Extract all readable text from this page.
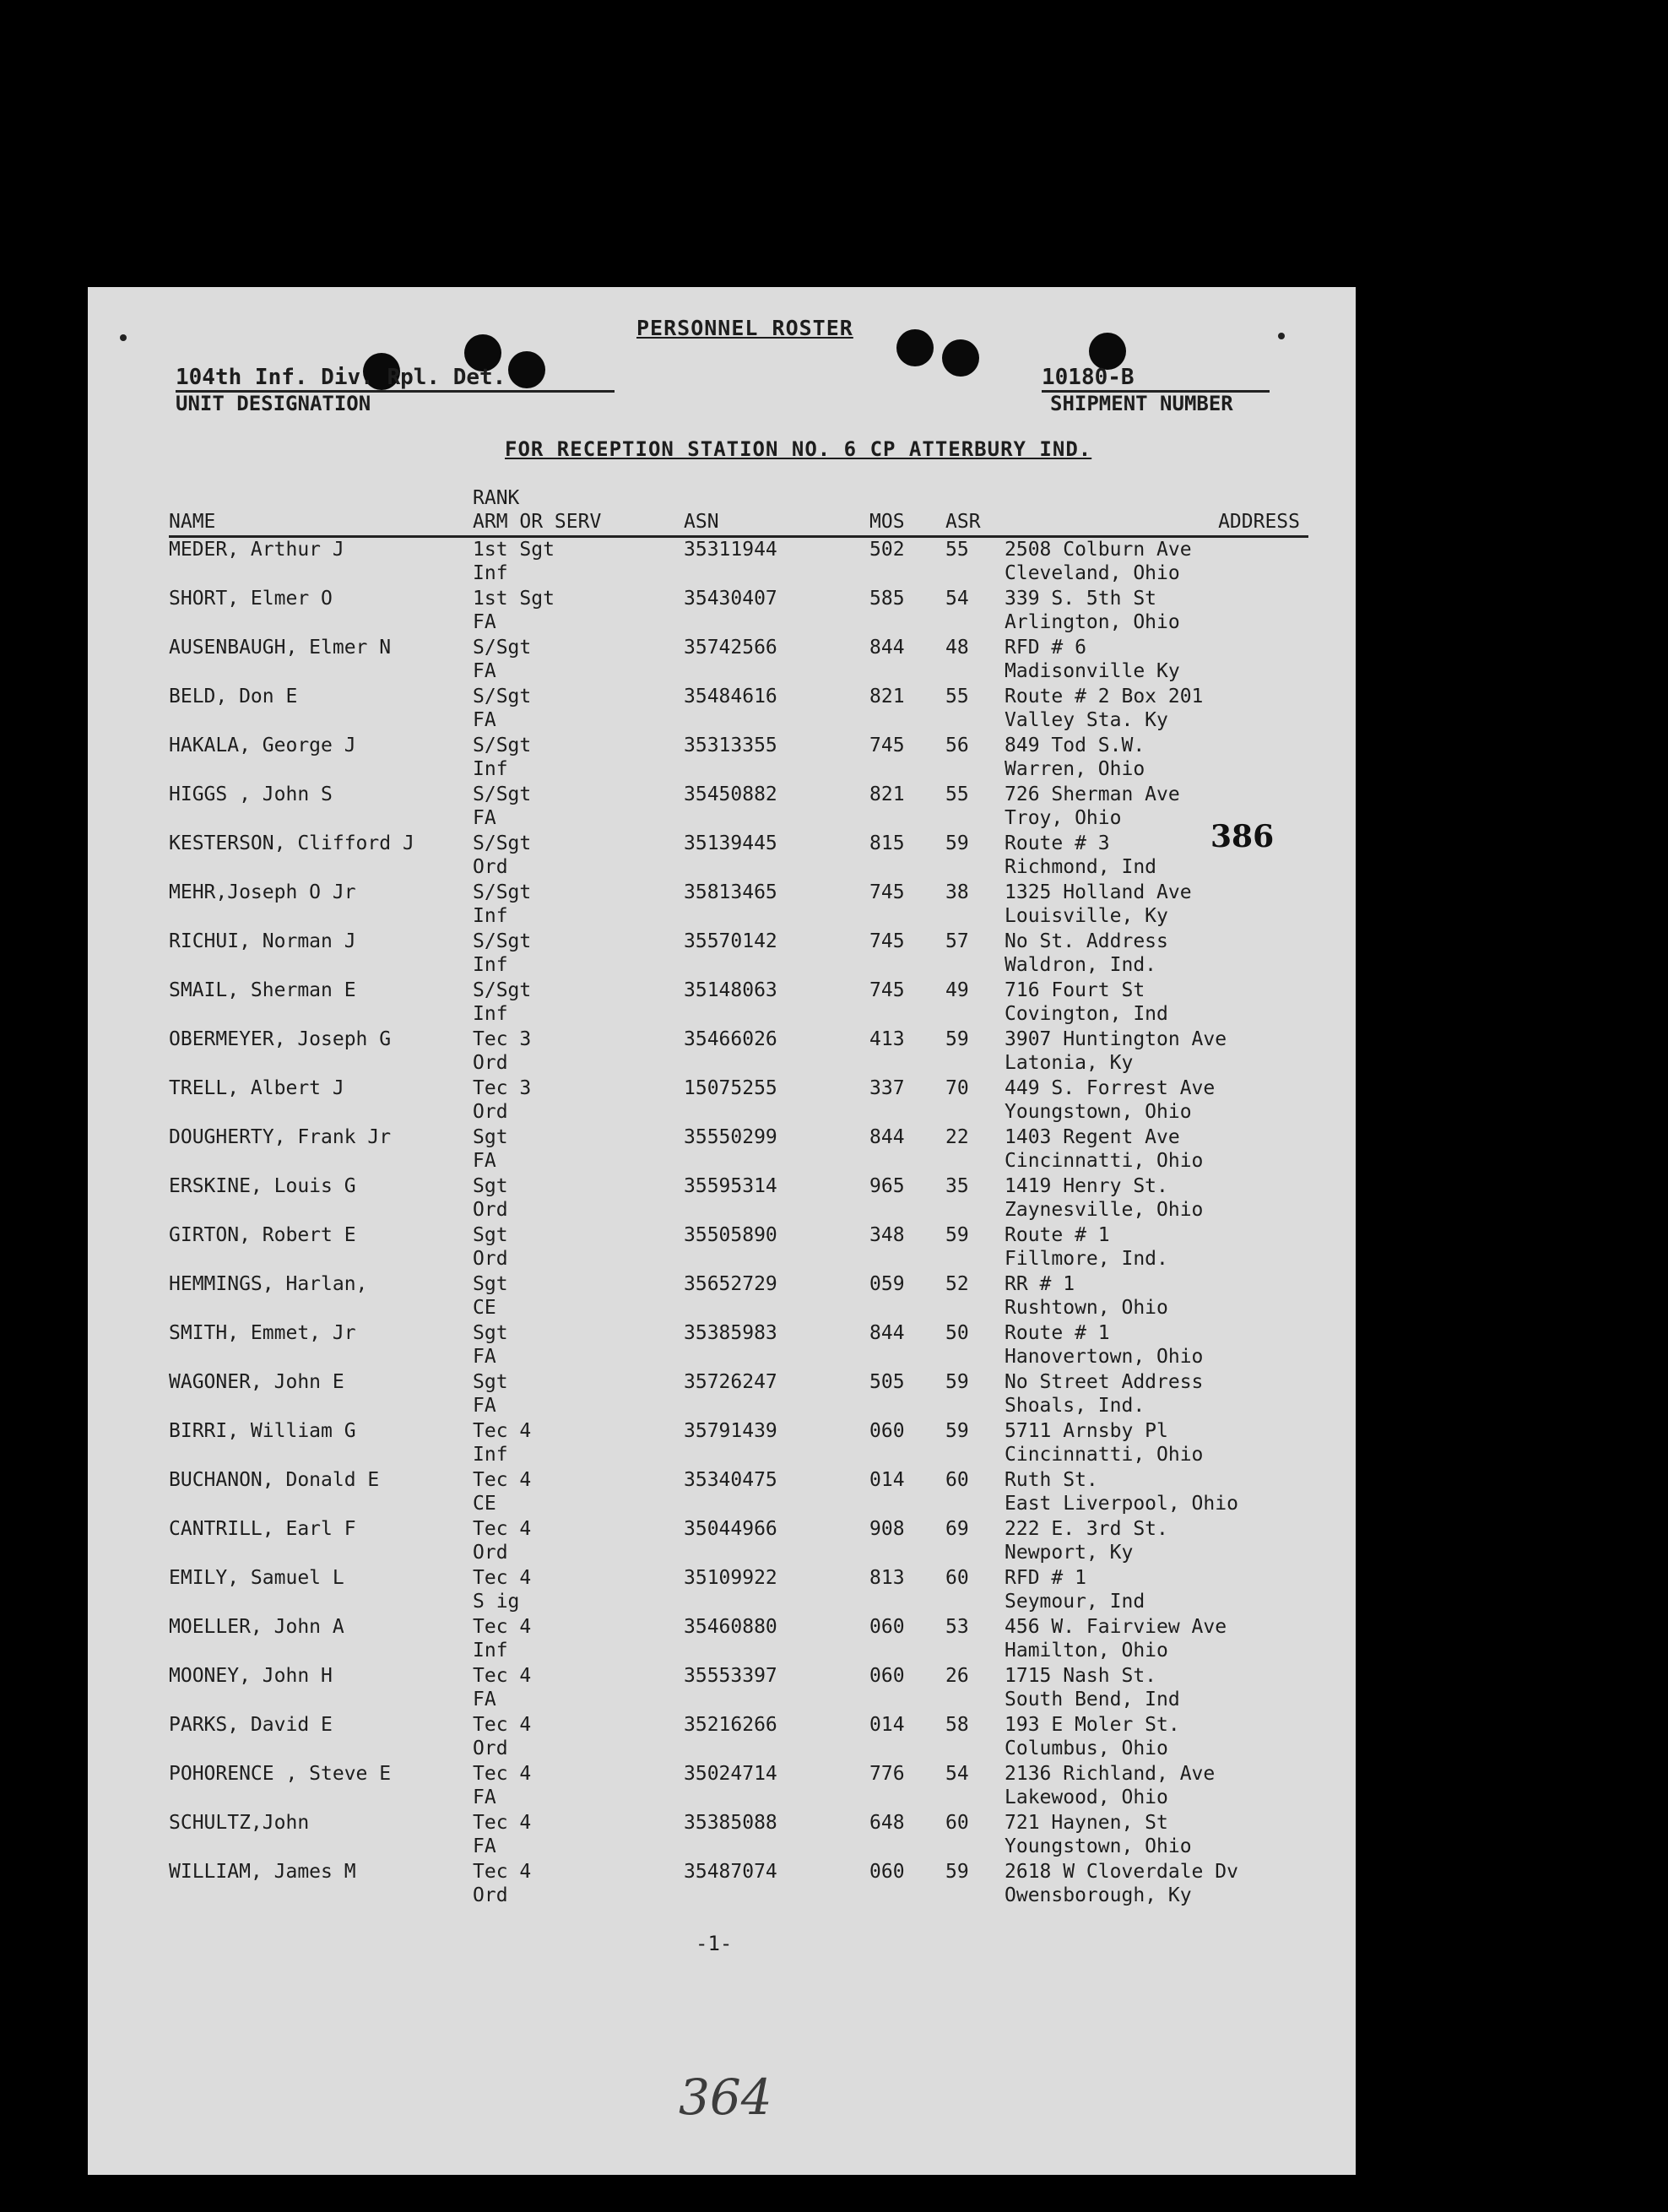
PERSONNEL ROSTER
104th Inf. Div. Rpl. Det.
UNIT DESIGNATION
10180-B
SHIPMENT NUMBER
FOR RECEPTION STATION NO. 6 CP ATTERBURY IND.
NAME	RANK
ARM OR SERV	ASN	MOS	ASR	ADDRESS

MEDER, Arthur J	1st Sgt
Inf	35311944	502	55	2508 Colburn Ave
Cleveland, Ohio

SHORT, Elmer O	1st Sgt
FA	35430407	585	54	339 S. 5th St
Arlington, Ohio

AUSENBAUGH, Elmer N	S/Sgt
FA	35742566	844	48	RFD # 6
Madisonville Ky

BELD, Don E	S/Sgt
FA	35484616	821	55	Route # 2 Box 201
Valley Sta. Ky

HAKALA, George J	S/Sgt
Inf	35313355	745	56	849 Tod S.W.
Warren, Ohio

HIGGS , John S	S/Sgt
FA	35450882	821	55	726 Sherman Ave
Troy, Ohio

KESTERSON, Clifford J	S/Sgt
Ord	35139445	815	59	Route # 3
Richmond, Ind

MEHR,Joseph O Jr	S/Sgt
Inf	35813465	745	38	1325 Holland Ave
Louisville, Ky

RICHUI, Norman J	S/Sgt
Inf	35570142	745	57	No St. Address
Waldron, Ind.

SMAIL, Sherman E	S/Sgt
Inf	35148063	745	49	716 Fourt St
Covington, Ind

OBERMEYER, Joseph G	Tec 3
Ord	35466026	413	59	3907 Huntington Ave
Latonia, Ky

TRELL, Albert J	Tec 3
Ord	15075255	337	70	449 S. Forrest Ave
Youngstown, Ohio

DOUGHERTY, Frank Jr	Sgt
FA	35550299	844	22	1403 Regent Ave
Cincinnatti, Ohio

ERSKINE, Louis G	Sgt
Ord	35595314	965	35	1419 Henry St.
Zaynesville, Ohio

GIRTON, Robert E	Sgt
Ord	35505890	348	59	Route # 1
Fillmore, Ind.

HEMMINGS, Harlan,	Sgt
CE	35652729	059	52	RR # 1
Rushtown, Ohio

SMITH, Emmet, Jr	Sgt
FA	35385983	844	50	Route # 1
Hanovertown, Ohio

WAGONER, John E	Sgt
FA	35726247	505	59	No Street Address
Shoals, Ind.

BIRRI, William G	Tec 4
Inf	35791439	060	59	5711 Arnsby Pl
Cincinnatti, Ohio

BUCHANON, Donald E	Tec 4
CE	35340475	014	60	Ruth St.
East Liverpool, Ohio

CANTRILL, Earl F	Tec 4
Ord	35044966	908	69	222 E. 3rd St.
Newport, Ky

EMILY, Samuel L	Tec 4
S ig	35109922	813	60	RFD # 1
Seymour, Ind

MOELLER, John A	Tec 4
Inf	35460880	060	53	456 W. Fairview Ave
Hamilton, Ohio

MOONEY, John H	Tec 4
FA	35553397	060	26	1715 Nash St.
South Bend, Ind

PARKS, David E	Tec 4
Ord	35216266	014	58	193 E Moler St.
Columbus, Ohio

POHORENCE , Steve E	Tec 4
FA	35024714	776	54	2136 Richland, Ave
Lakewood, Ohio

SCHULTZ,John	Tec 4
FA	35385088	648	60	721 Haynen, St
Youngstown, Ohio

WILLIAM, James M	Tec 4
Ord	35487074	060	59	2618 W Cloverdale Dv
Owensborough, Ky
386
-1-
364
